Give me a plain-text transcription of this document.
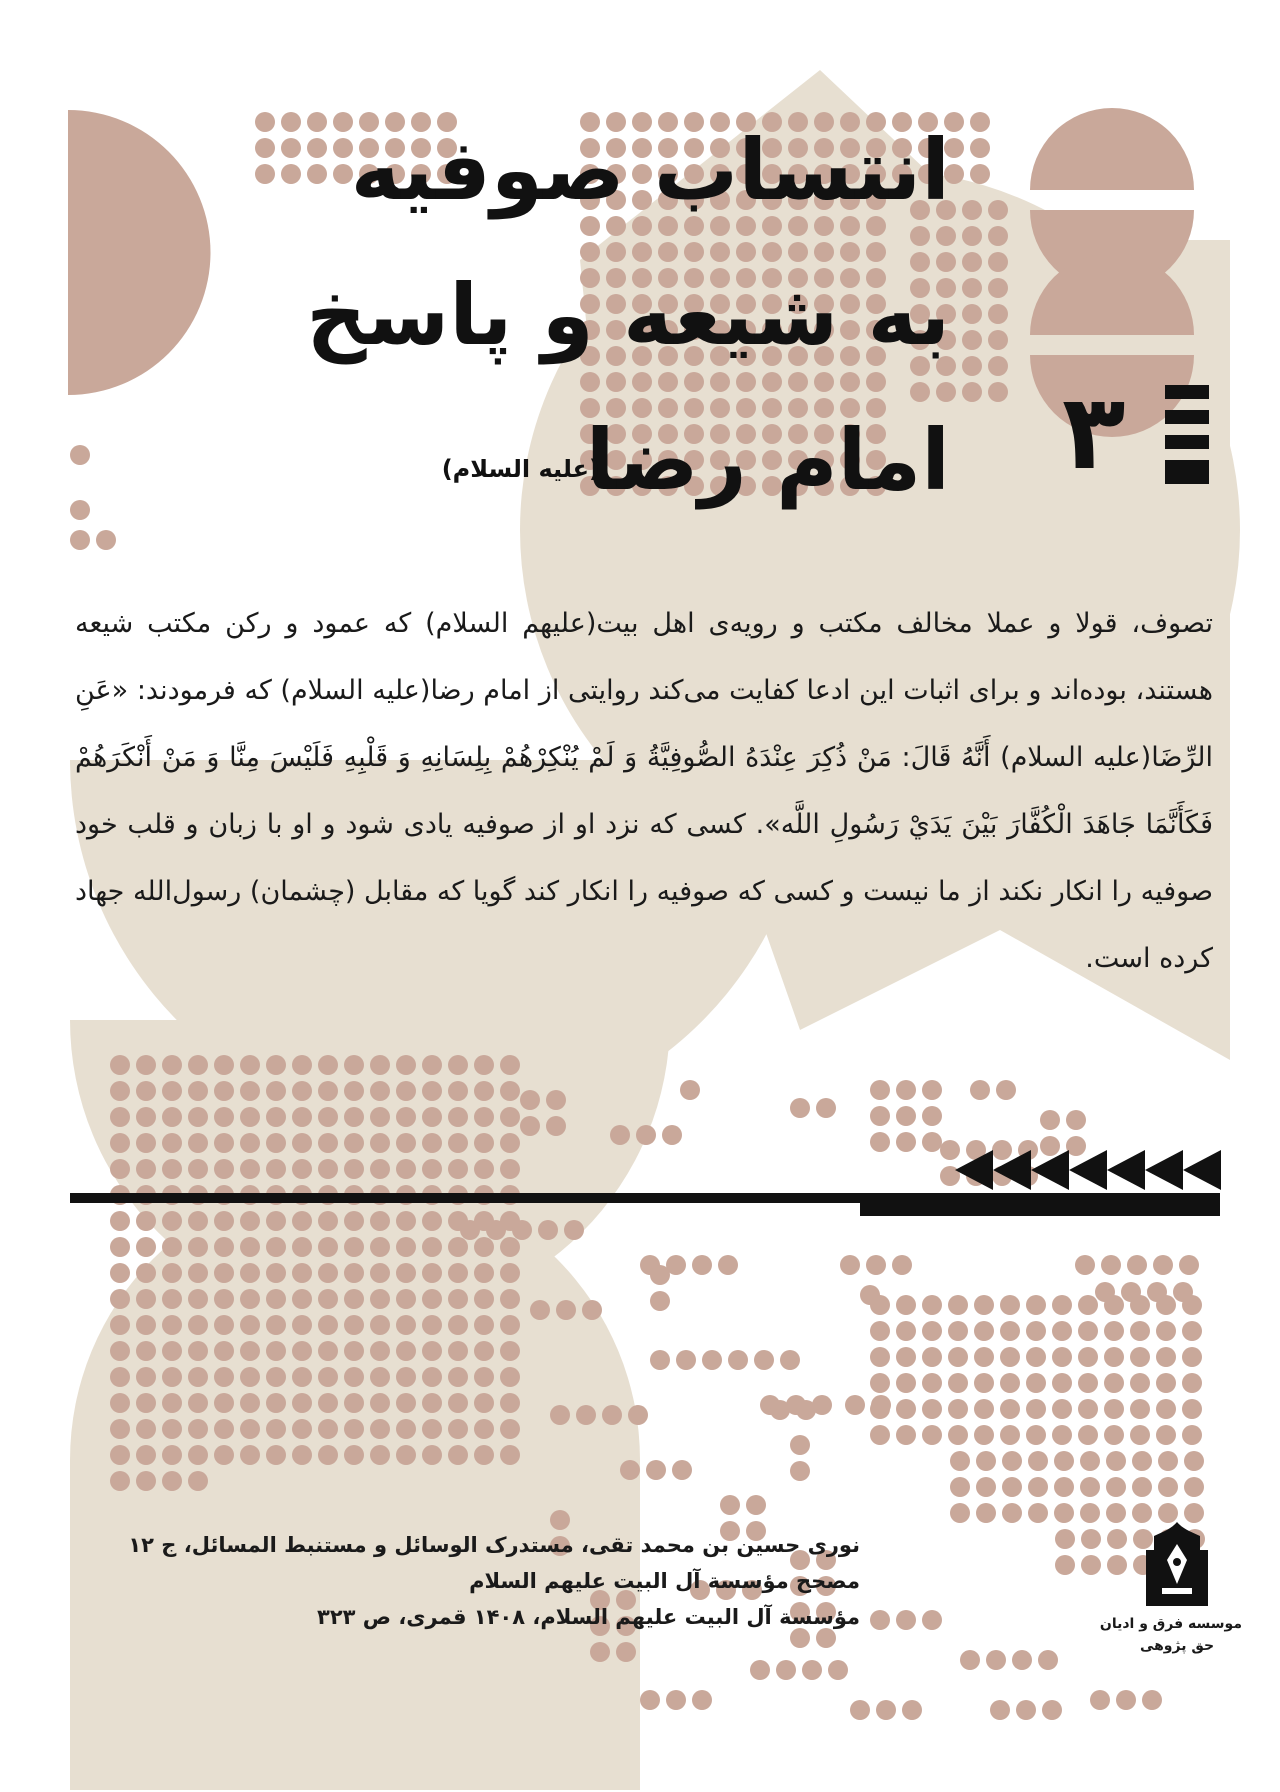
انتساب صوفیه
به شیعه و پاسخ
امام رضا
(علیه السلام)	۳

تصوف، قولا و عملا مخالف مکتب و رویه‌ی اهل بیت(علیهم السلام) که عمود و رکن مکتب شیعه هستند، بوده‌اند و برای اثبات این ادعا کفایت می‌کند روایتی از امام رضا(علیه السلام) که فرمودند: «عَنِ الرِّضَا(علیه السلام) أَنَّهُ قَالَ: مَنْ ذُكِرَ عِنْدَهُ الصُّوفِيَّةُ وَ لَمْ يُنْكِرْهُمْ بِلِسَانِهِ وَ قَلْبِهِ فَلَيْسَ مِنَّا وَ مَنْ أَنْكَرَهُمْ فَكَأَنَّمَا جَاهَدَ الْكُفَّارَ بَيْنَ يَدَيْ رَسُولِ اللَّه». کسی که نزد او از صوفیه یادی شود و او با زبان و قلب خود صوفیه را انکار نکند از ما نیست و کسی که صوفیه را انکار کند گویا که مقابل (چشمان) رسول‌الله جهاد کرده است.

نوری حسین بن محمد تقی، مستدرک الوسائل و مستنبط المسائل، ج ۱۲
مصحح مؤسسة آل البیت علیهم السلام
مؤسسة آل البیت علیهم السلام، ۱۴۰۸ قمری، ص ۳۲۳	موسسه فرق و ادیان
حق پژوهی
